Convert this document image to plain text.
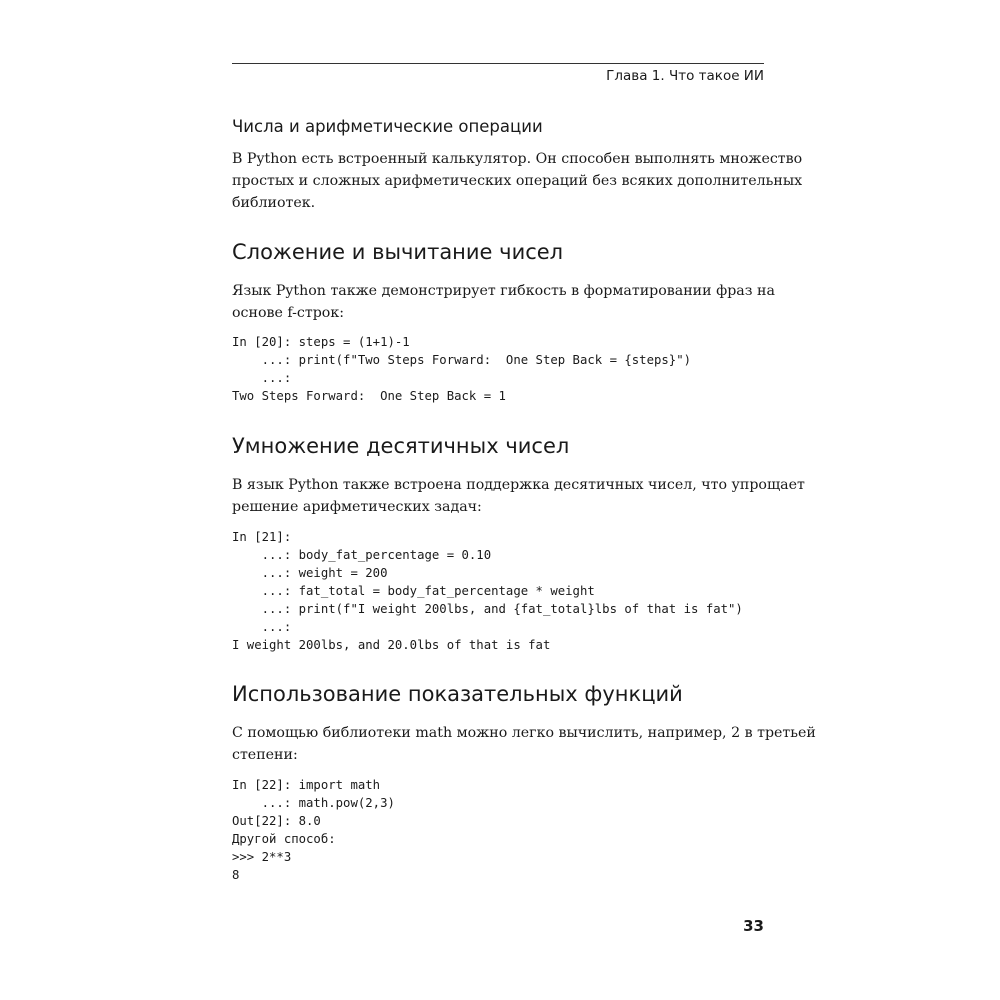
Глава 1. Что такое ИИ
Числа и арифметические операции
В Python есть встроенный калькулятор. Он способен выполнять множество
простых и сложных арифметических операций без всяких дополнительных
библиотек.
Сложение и вычитание чисел
Язык Python также демонстрирует гибкость в форматировании фраз на
основе f-строк:
In [20]: steps = (1+1)-1
...: print(f"Two Steps Forward:  One Step Back = {steps}")
...:
Two Steps Forward:  One Step Back = 1
Умножение десятичных чисел
В язык Python также встроена поддержка десятичных чисел, что упрощает
решение арифметических задач:
In [21]:
...: body_fat_percentage = 0.10
...: weight = 200
...: fat_total = body_fat_percentage * weight
...: print(f"I weight 200lbs, and {fat_total}lbs of that is fat")
...:
I weight 200lbs, and 20.0lbs of that is fat
Использование показательных функций
С помощью библиотеки math можно легко вычислить, например, 2 в третьей
степени:
In [22]: import math
...: math.pow(2,3)
Out[22]: 8.0
Другой способ:
>>> 2**3
8
33
